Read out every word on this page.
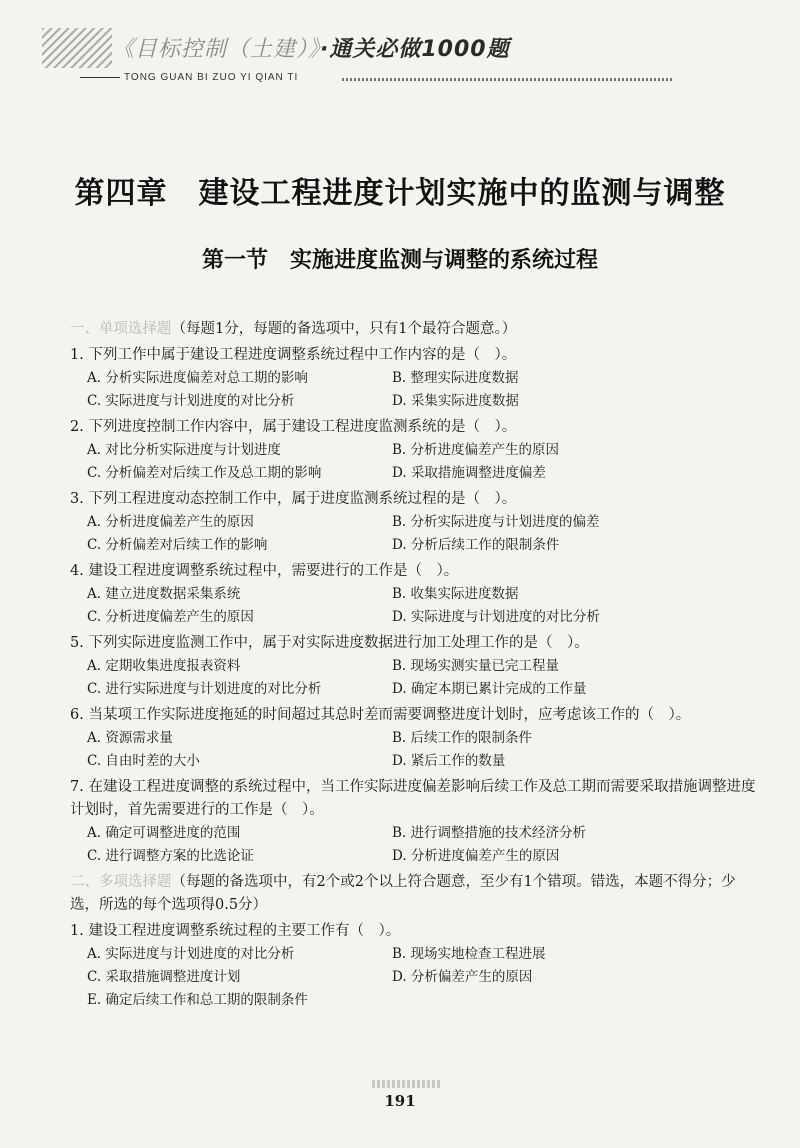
《目标控制（土建）》·通关必做1000题
TONG GUAN BI ZUO YI QIAN TI
第四章　建设工程进度计划实施中的监测与调整
第一节　实施进度监测与调整的系统过程
一、单项选择题（每题1分，每题的备选项中，只有1个最符合题意。）
1. 下列工作中属于建设工程进度调整系统过程中工作内容的是（　）。
A. 分析实际进度偏差对总工期的影响	B. 整理实际进度数据
C. 实际进度与计划进度的对比分析	D. 采集实际进度数据
2. 下列进度控制工作内容中，属于建设工程进度监测系统的是（　）。
A. 对比分析实际进度与计划进度	B. 分析进度偏差产生的原因
C. 分析偏差对后续工作及总工期的影响	D. 采取措施调整进度偏差
3. 下列工程进度动态控制工作中，属于进度监测系统过程的是（　）。
A. 分析进度偏差产生的原因	B. 分析实际进度与计划进度的偏差
C. 分析偏差对后续工作的影响	D. 分析后续工作的限制条件
4. 建设工程进度调整系统过程中，需要进行的工作是（　）。
A. 建立进度数据采集系统	B. 收集实际进度数据
C. 分析进度偏差产生的原因	D. 实际进度与计划进度的对比分析
5. 下列实际进度监测工作中，属于对实际进度数据进行加工处理工作的是（　）。
A. 定期收集进度报表资料	B. 现场实测实量已完工程量
C. 进行实际进度与计划进度的对比分析	D. 确定本期已累计完成的工作量
6. 当某项工作实际进度拖延的时间超过其总时差而需要调整进度计划时，应考虑该工作的（　）。
A. 资源需求量	B. 后续工作的限制条件
C. 自由时差的大小	D. 紧后工作的数量
7. 在建设工程进度调整的系统过程中，当工作实际进度偏差影响后续工作及总工期而需要采取措施调整进度计划时，首先需要进行的工作是（　）。
A. 确定可调整进度的范围	B. 进行调整措施的技术经济分析
C. 进行调整方案的比选论证	D. 分析进度偏差产生的原因
二、多项选择题（每题的备选项中，有2个或2个以上符合题意，至少有1个错项。错选，本题不得分；少选，所选的每个选项得0.5分）
1. 建设工程进度调整系统过程的主要工作有（　）。
A. 实际进度与计划进度的对比分析	B. 现场实地检查工程进展
C. 采取措施调整进度计划	D. 分析偏差产生的原因
E. 确定后续工作和总工期的限制条件
191
